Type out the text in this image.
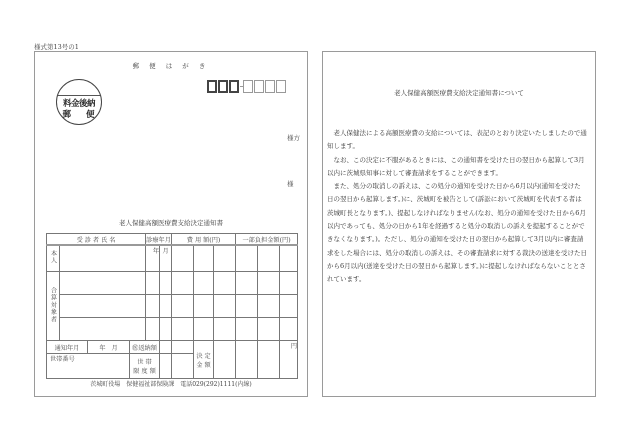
様式第13号の1
郵 便 は が き
料金後納
郵 便
様方
様
老人保健高額医療費支給決定通知書
受 診 者 氏 名				診療年月		費 用 額(円)			一部負担金額(円)		
本人				年	月						
合算対象者											

通知年月		年 月	㊩返納額				決 定
金 額				円
世帯番号			世 帯
限 度 額								
茨城町役場　保健福祉部保険課　電話029(292)1111(内線)
老人保健高額医療費支給決定通知書について

老人保健法による高額医療費の支給については、表記のとおり決定いたしましたので通知します。

なお、この決定に不服があるときには、この通知書を受けた日の翌日から起算して3月以内に茨城県知事に対して審査請求をすることができます。

また、処分の取消しの訴えは、この処分の通知を受けた日から6月以内(通知を受けた日の翌日から起算します。)に、茨城町を被告として(訴訟において茨城町を代表する者は茨城町長となります。)、提起しなければなりません(なお、処分の通知を受けた日から6月以内であっても、処分の日から1年を経過すると処分の取消しの訴えを提起することができなくなります。)。ただし、処分の通知を受けた日の翌日から起算して3月以内に審査請求をした場合には、処分の取消しの訴えは、その審査請求に対する裁決の送達を受けた日から6月以内(送達を受けた日の翌日から起算します。)に提起しなければならないこととされています。
